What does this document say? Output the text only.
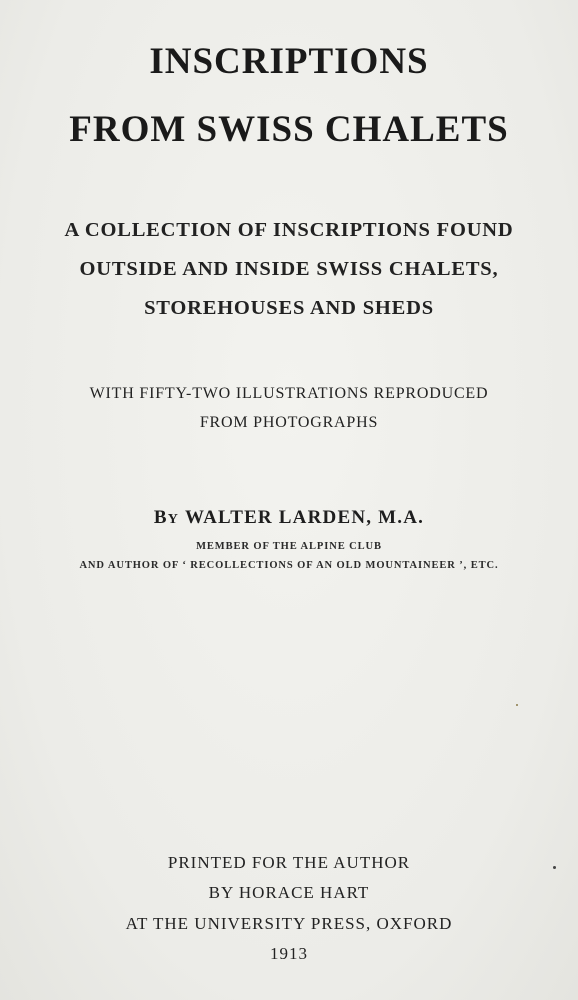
INSCRIPTIONS
FROM SWISS CHALETS
A COLLECTION OF INSCRIPTIONS FOUND
OUTSIDE AND INSIDE SWISS CHALETS,
STOREHOUSES AND SHEDS
WITH FIFTY-TWO ILLUSTRATIONS REPRODUCED
FROM PHOTOGRAPHS
BY WALTER LARDEN, M.A.
MEMBER OF THE ALPINE CLUB
AND AUTHOR OF ‘ RECOLLECTIONS OF AN OLD MOUNTAINEER ’, ETC.
PRINTED FOR THE AUTHOR
BY HORACE HART
AT THE UNIVERSITY PRESS, OXFORD
1913
